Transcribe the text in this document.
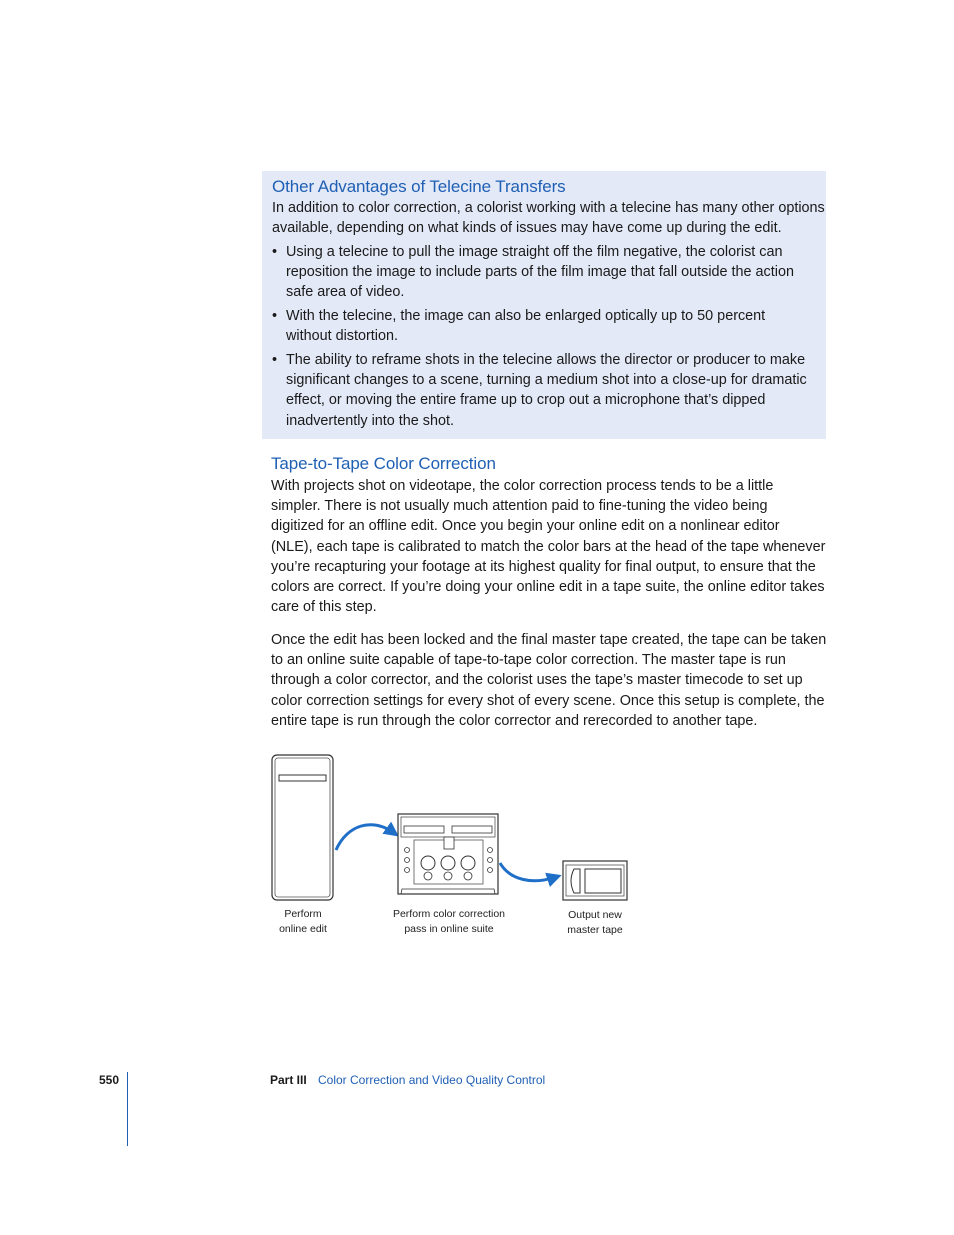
Other Advantages of Telecine Transfers

In addition to color correction, a colorist working with a telecine has many other options

available, depending on what kinds of issues may have come up during the edit.

• Using a telecine to pull the image straight off the film negative, the colorist can
reposition the image to include parts of the film image that fall outside the action
safe area of video.
• With the telecine, the image can also be enlarged optically up to 50 percent
without distortion.
• The ability to reframe shots in the telecine allows the director or producer to make
significant changes to a scene, turning a medium shot into a close-up for dramatic
effect, or moving the entire frame up to crop out a microphone that’s dipped
inadvertently into the shot.
Tape-to-Tape Color Correction
With projects shot on videotape, the color correction process tends to be a little
simpler. There is not usually much attention paid to fine-tuning the video being
digitized for an offline edit. Once you begin your online edit on a nonlinear editor
(NLE), each tape is calibrated to match the color bars at the head of the tape whenever
you’re recapturing your footage at its highest quality for final output, to ensure that the
colors are correct. If you’re doing your online edit in a tape suite, the online editor takes
care of this step.
Once the edit has been locked and the final master tape created, the tape can be taken
to an online suite capable of tape-to-tape color correction. The master tape is run
through a color corrector, and the colorist uses the tape’s master timecode to set up
color correction settings for every shot of every scene. Once this setup is complete, the
entire tape is run through the color corrector and rerecorded to another tape.
Perform
online edit
Perform color correction
pass in online suite
Output new
master tape
550	Part III Color Correction and Video Quality Control
